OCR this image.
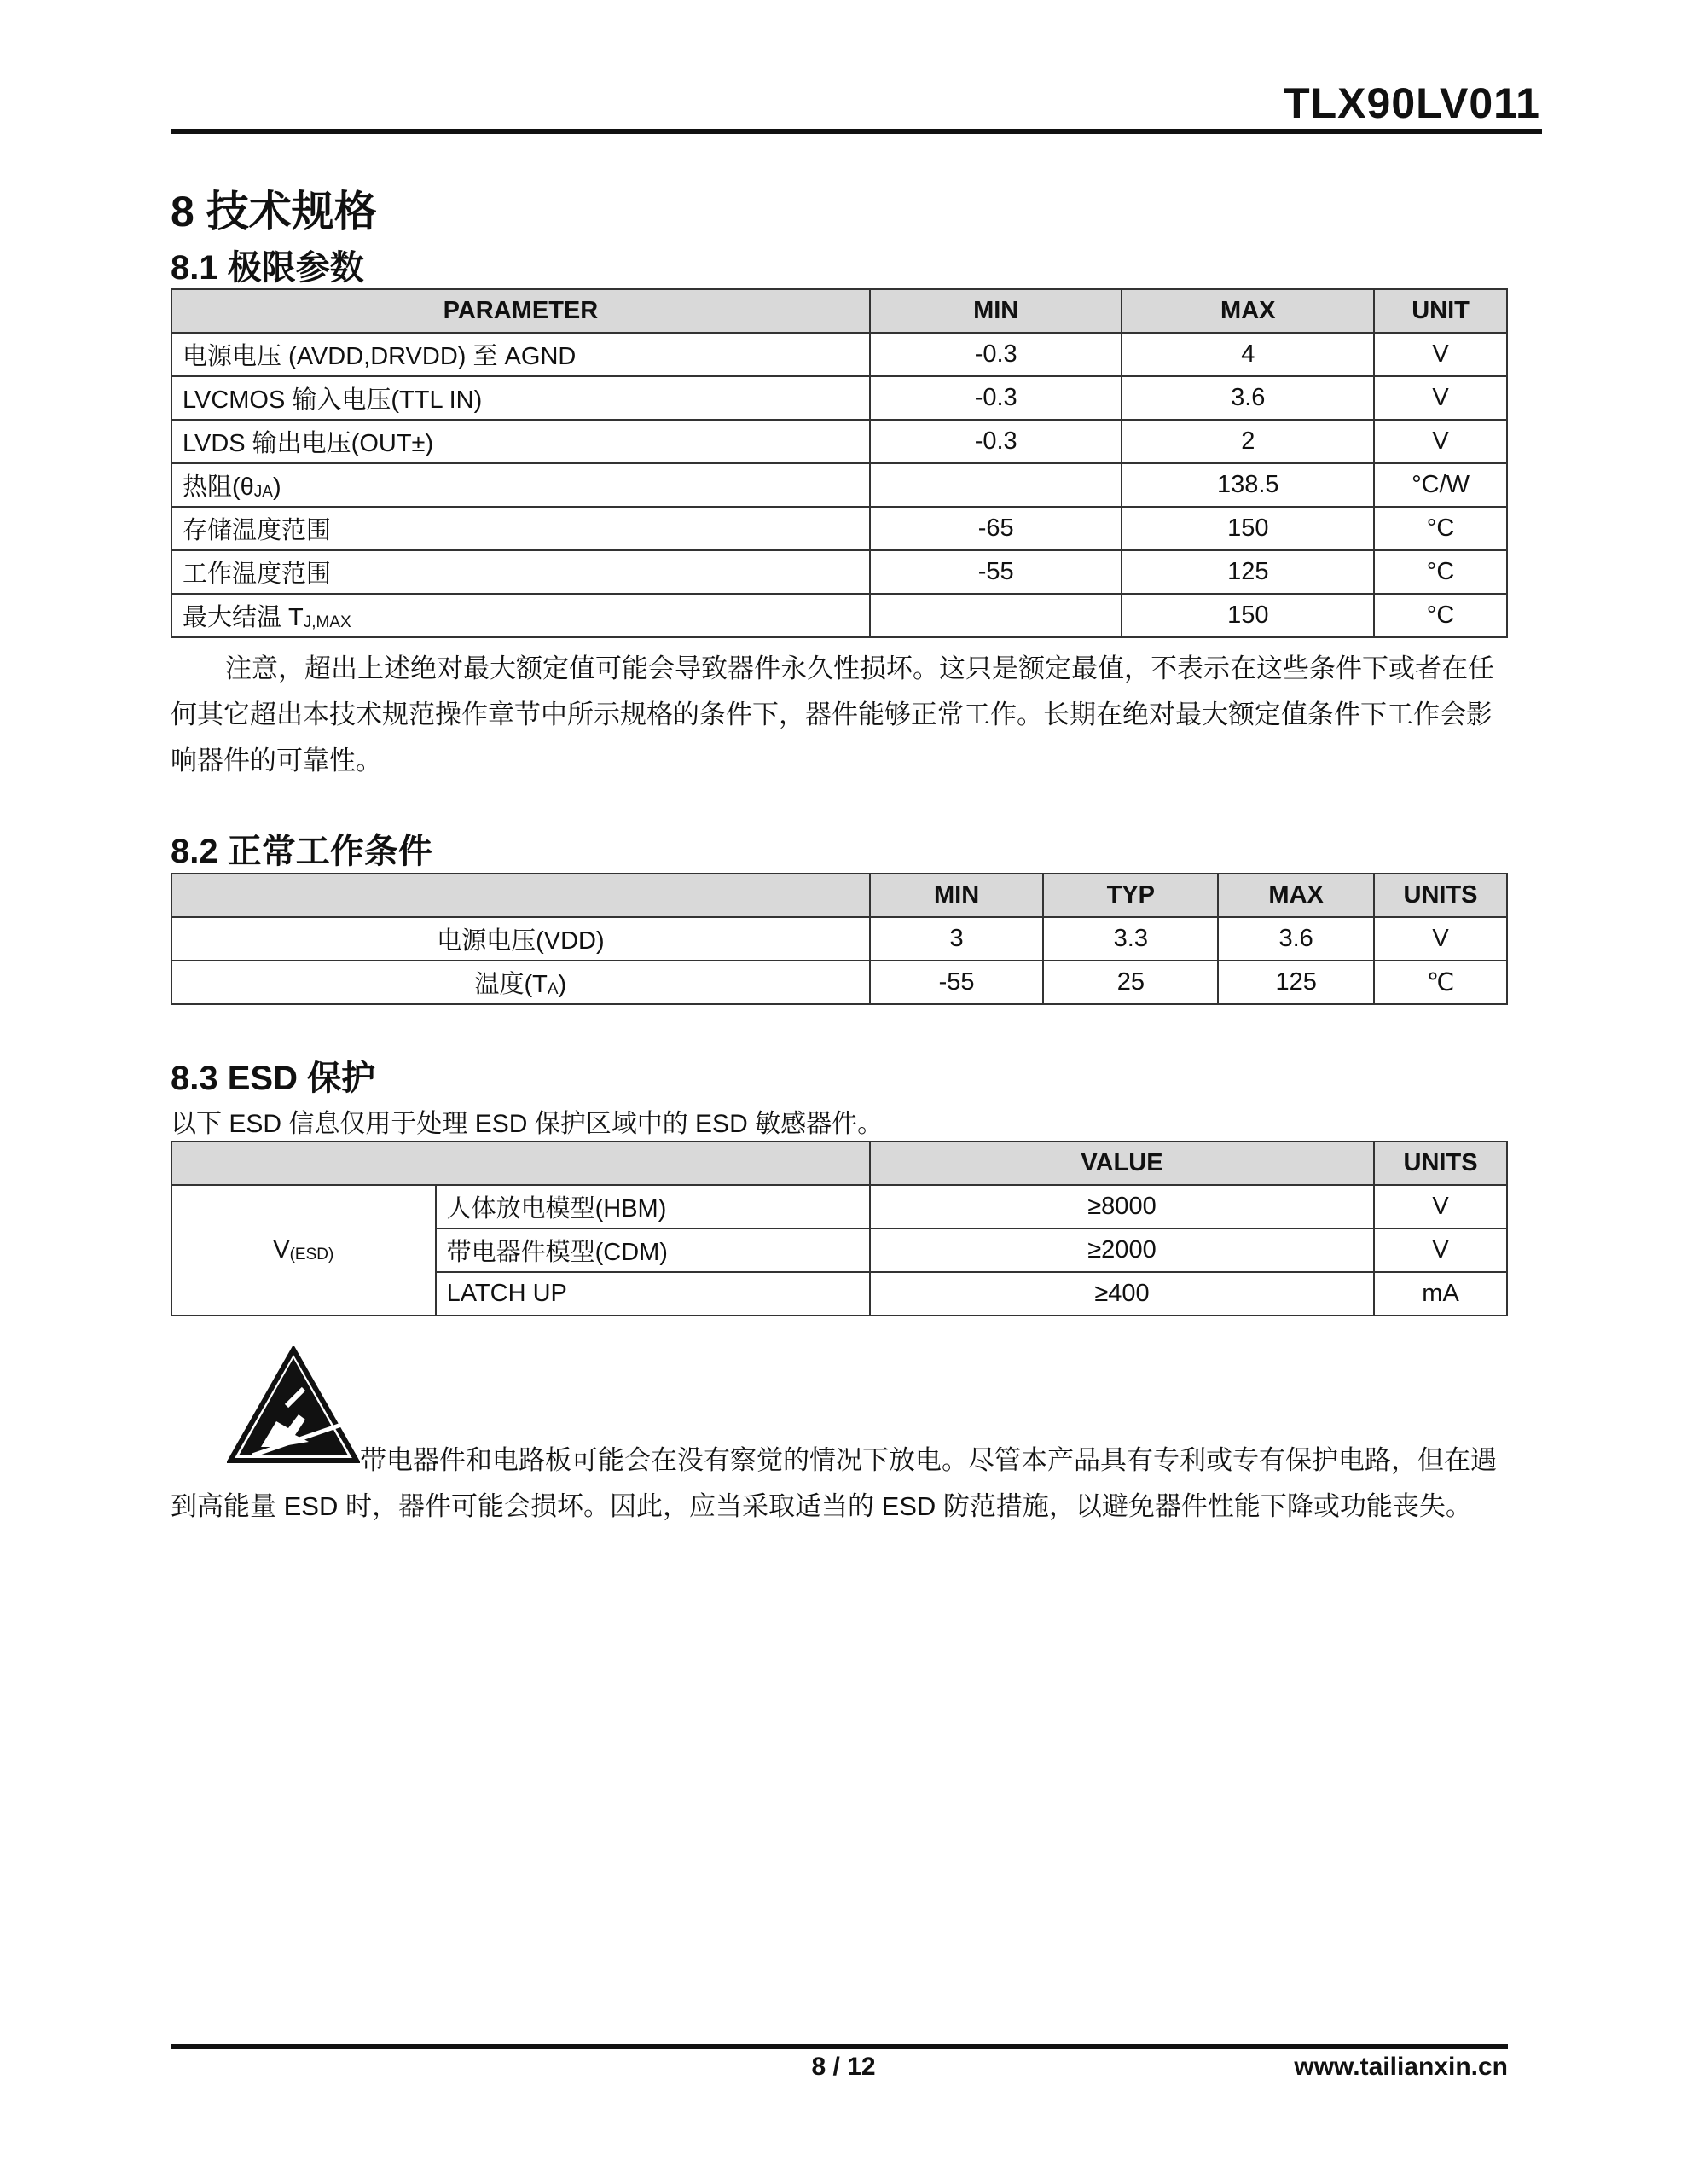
TLX90LV011
8 技术规格
8.1 极限参数
PARAMETER	MIN	MAX	UNIT
电源电压 (AVDD,DRVDD) 至 AGND	-0.3	4	V
LVCMOS 输入电压(TTL IN)	-0.3	3.6	V
LVDS 输出电压(OUT±)	-0.3	2	V
热阻$(\theta_{JA})$		138.5	°C/W
存储温度范围	-65	150	°C
工作温度范围	-55	125	°C
最大结温 $T_{J,MAX}$		150	°C
注意，超出上述绝对最大额定值可能会导致器件永久性损坏。这只是额定最值，不表示在这些条件下或者在任何其它超出本技术规范操作章节中所示规格的条件下，器件能够正常工作。长期在绝对最大额定值条件下工作会影响器件的可靠性。
8.2 正常工作条件
	MIN	TYP	MAX	UNITS
电源电压(VDD)	3	3.3	3.6	V
温度$(T_A)$	-55	25	125	℃
8.3 ESD 保护
以下 ESD 信息仅用于处理 ESD 保护区域中的 ESD 敏感器件。
		VALUE	UNITS
$V_{(ESD)}$	人体放电模型(HBM)	≥8000	V
	带电器件模型(CDM)	≥2000	V
	LATCH UP	≥400	mA
带电器件和电路板可能会在没有察觉的情况下放电。尽管本产品具有专利或专有保护电路，但在遇到高能量 ESD 时，器件可能会损坏。因此，应当采取适当的 ESD 防范措施，以避免器件性能下降或功能丧失。
8 / 12	www.tailianxin.cn
